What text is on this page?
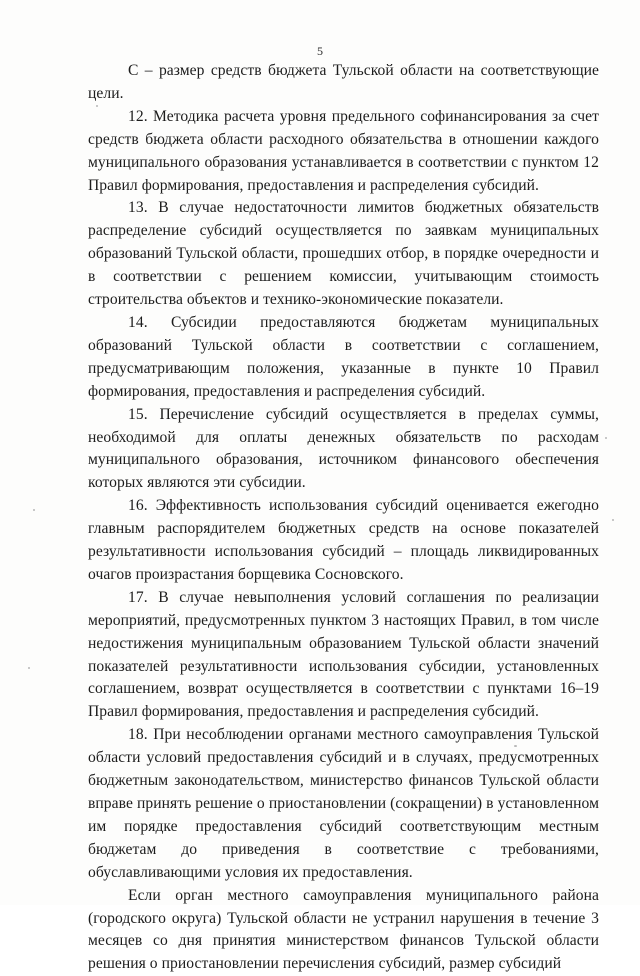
5

С – размер средств бюджета Тульской области на соответствующие цели.

12. Методика расчета уровня предельного софинансирования за счет средств бюджета области расходного обязательства в отношении каждого муниципального образования устанавливается в соответствии с пунктом 12 Правил формирования, предоставления и распределения субсидий.

13. В случае недостаточности лимитов бюджетных обязательств распределение субсидий осуществляется по заявкам муниципальных образований Тульской области, прошедших отбор, в порядке очередности и в соответствии с решением комиссии, учитывающим стоимость строительства объектов и технико-экономические показатели.

14. Субсидии предоставляются бюджетам муниципальных образований Тульской области в соответствии с соглашением, предусматривающим положения, указанные в пункте 10 Правил формирования, предоставления и распределения субсидий.

15. Перечисление субсидий осуществляется в пределах суммы, необходимой для оплаты денежных обязательств по расходам муниципального образования, источником финансового обеспечения которых являются эти субсидии.

16. Эффективность использования субсидий оценивается ежегодно главным распорядителем бюджетных средств на основе показателей результативности использования субсидий – площадь ликвидированных очагов произрастания борщевика Сосновского.

17. В случае невыполнения условий соглашения по реализации мероприятий, предусмотренных пунктом 3 настоящих Правил, в том числе недостижения муниципальным образованием Тульской области значений показателей результативности использования субсидии, установленных соглашением, возврат осуществляется в соответствии с пунктами 16–19 Правил формирования, предоставления и распределения субсидий.

18. При несоблюдении органами местного самоуправления Тульской области условий предоставления субсидий и в случаях, предусмотренных бюджетным законодательством, министерство финансов Тульской области вправе принять решение о приостановлении (сокращении) в установленном им порядке предоставления субсидий соответствующим местным бюджетам до приведения в соответствие с требованиями, обуславливающими условия их предоставления.

Если орган местного самоуправления муниципального района (городского округа) Тульской области не устранил нарушения в течение 3 месяцев со дня принятия министерством финансов Тульской области решения о приостановлении перечисления субсидий, размер субсидий
